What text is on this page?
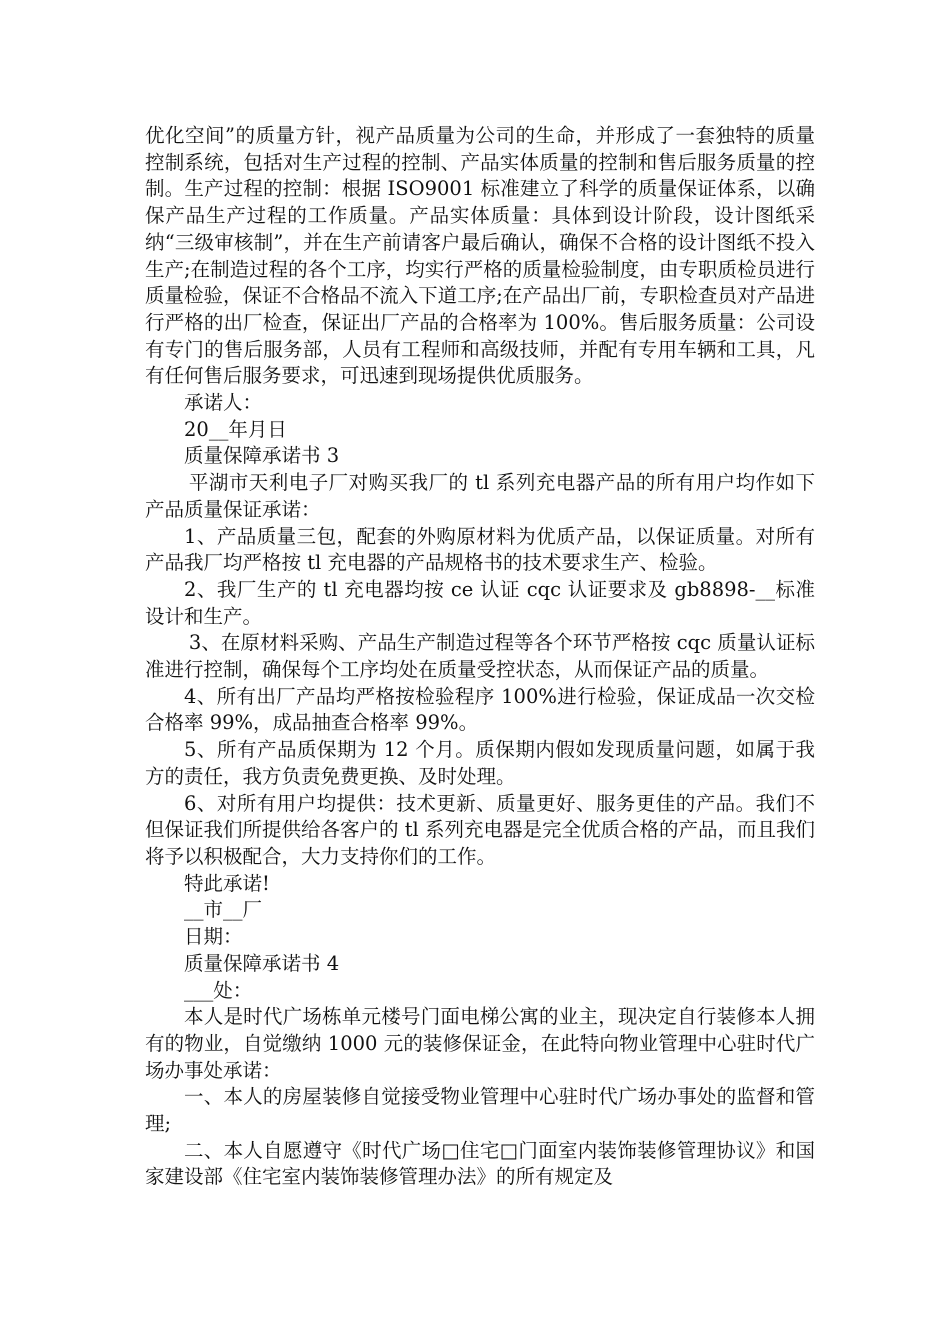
优化空间”的质量方针，视产品质量为公司的生命，并形成了一套独特的质量控制系统，包括对生产过程的控制、产品实体质量的控制和售后服务质量的控制。生产过程的控制：根据 ISO9001 标准建立了科学的质量保证体系，以确保产品生产过程的工作质量。产品实体质量：具体到设计阶段，设计图纸采纳“三级审核制”，并在生产前请客户最后确认，确保不合格的设计图纸不投入生产;在制造过程的各个工序，均实行严格的质量检验制度，由专职质检员进行质量检验，保证不合格品不流入下道工序;在产品出厂前，专职检查员对产品进行严格的出厂检查，保证出厂产品的合格率为 100%。售后服务质量：公司设有专门的售后服务部，人员有工程师和高级技师，并配有专用车辆和工具，凡有任何售后服务要求，可迅速到现场提供优质服务。

承诺人：

20__年月日

质量保障承诺书 3

平湖市天利电子厂对购买我厂的 tl 系列充电器产品的所有用户均作如下产品质量保证承诺：

1、产品质量三包，配套的外购原材料为优质产品，以保证质量。对所有产品我厂均严格按 tl 充电器的产品规格书的技术要求生产、检验。

2、我厂生产的 tl 充电器均按 ce 认证 cqc 认证要求及 gb8898-__标准设计和生产。

3、在原材料采购、产品生产制造过程等各个环节严格按 cqc 质量认证标准进行控制，确保每个工序均处在质量受控状态，从而保证产品的质量。

4、所有出厂产品均严格按检验程序 100%进行检验，保证成品一次交检合格率 99%，成品抽查合格率 99%。

5、所有产品质保期为 12 个月。质保期内假如发现质量问题，如属于我方的责任，我方负责免费更换、及时处理。

6、对所有用户均提供：技术更新、质量更好、服务更佳的产品。我们不但保证我们所提供给各客户的 tl 系列充电器是完全优质合格的产品，而且我们将予以积极配合，大力支持你们的工作。

特此承诺!

__市__厂

日期：

质量保障承诺书 4

___处：

本人是时代广场栋单元楼号门面电梯公寓的业主，现决定自行装修本人拥有的物业，自觉缴纳 1000 元的装修保证金，在此特向物业管理中心驻时代广场办事处承诺：

一、本人的房屋装修自觉接受物业管理中心驻时代广场办事处的监督和管理;

二、本人自愿遵守《时代广场□住宅□门面室内装饰装修管理协议》和国家建设部《住宅室内装饰装修管理办法》的所有规定及
